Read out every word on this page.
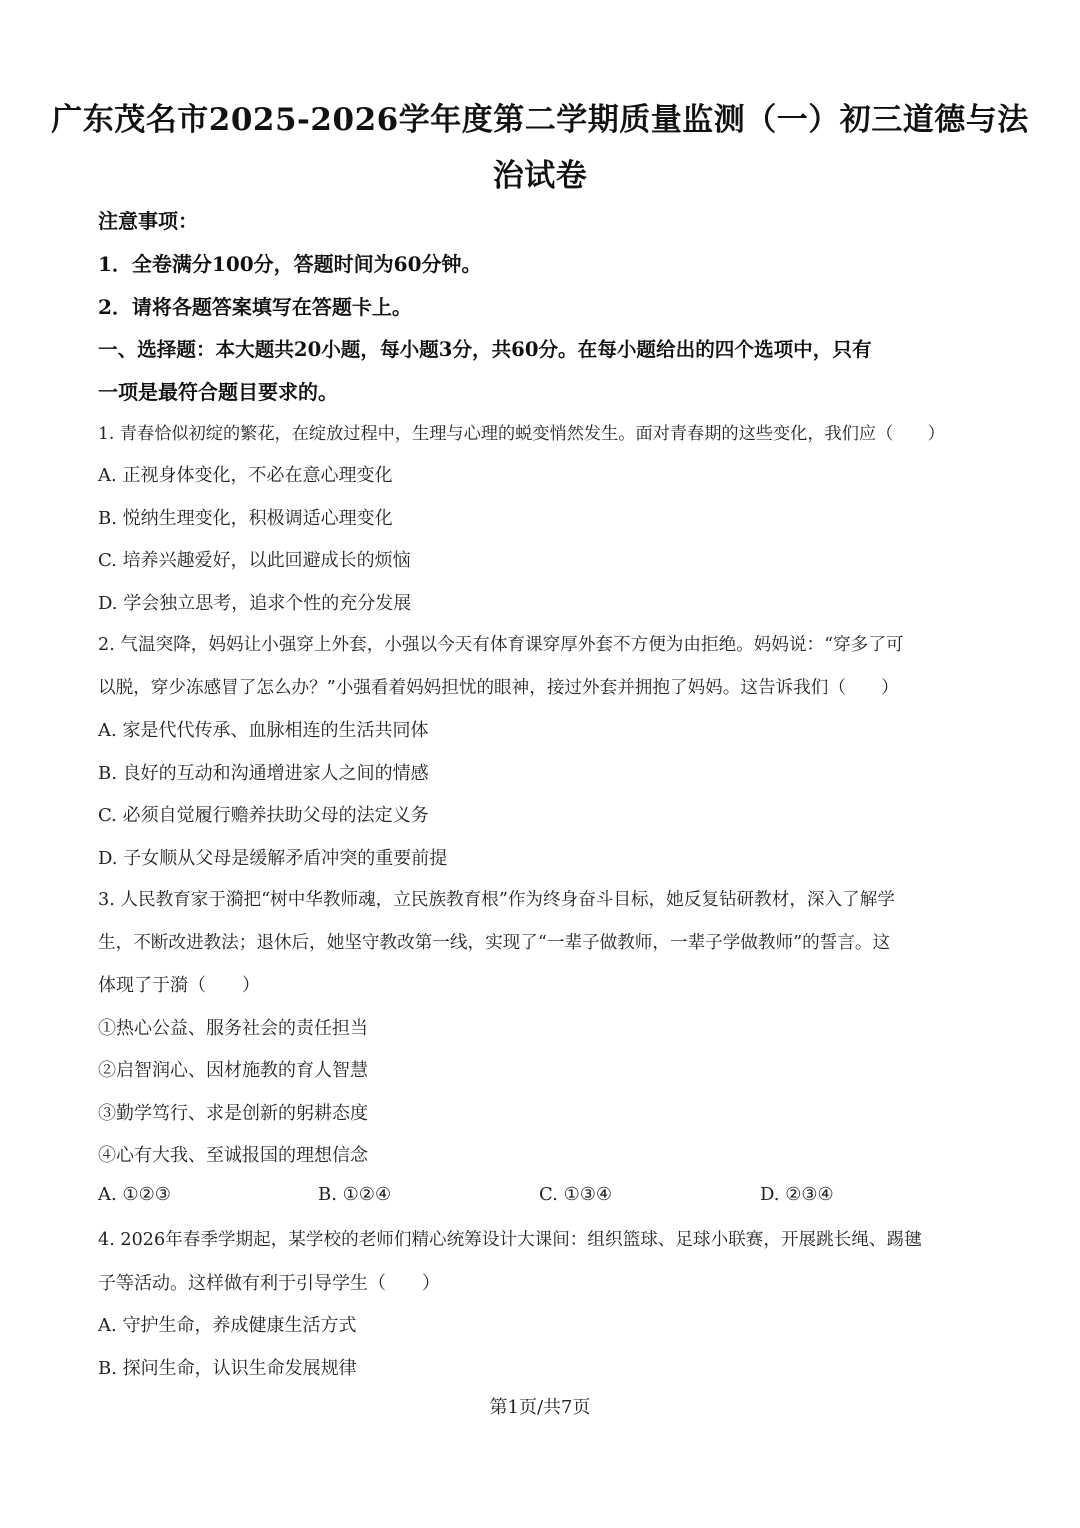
广东茂名市2025-2026学年度第二学期质量监测（一）初三道德与法
治试卷
注意事项：
1．全卷满分100分，答题时间为60分钟。
2．请将各题答案填写在答题卡上。
一、选择题：本大题共20小题，每小题3分，共60分。在每小题给出的四个选项中，只有
一项是最符合题目要求的。
1. 青春恰似初绽的繁花，在绽放过程中，生理与心理的蜕变悄然发生。面对青春期的这些变化，我们应（　　）
A. 正视身体变化，不必在意心理变化
B. 悦纳生理变化，积极调适心理变化
C. 培养兴趣爱好，以此回避成长的烦恼
D. 学会独立思考，追求个性的充分发展
2. 气温突降，妈妈让小强穿上外套，小强以今天有体育课穿厚外套不方便为由拒绝。妈妈说：“穿多了可
以脱，穿少冻感冒了怎么办？”小强看着妈妈担忧的眼神，接过外套并拥抱了妈妈。这告诉我们（　　）
A. 家是代代传承、血脉相连的生活共同体
B. 良好的互动和沟通增进家人之间的情感
C. 必须自觉履行赡养扶助父母的法定义务
D. 子女顺从父母是缓解矛盾冲突的重要前提
3. 人民教育家于漪把“树中华教师魂，立民族教育根”作为终身奋斗目标，她反复钻研教材，深入了解学
生，不断改进教法；退休后，她坚守教改第一线，实现了“一辈子做教师，一辈子学做教师”的誓言。这
体现了于漪（　　）
①热心公益、服务社会的责任担当
②启智润心、因材施教的育人智慧
③勤学笃行、求是创新的躬耕态度
④心有大我、至诚报国的理想信念
A. ①②③	B. ①②④	C. ①③④	D. ②③④
4. 2026年春季学期起，某学校的老师们精心统筹设计大课间：组织篮球、足球小联赛，开展跳长绳、踢毽
子等活动。这样做有利于引导学生（　　）
A. 守护生命，养成健康生活方式
B. 探问生命，认识生命发展规律
第1页/共7页
